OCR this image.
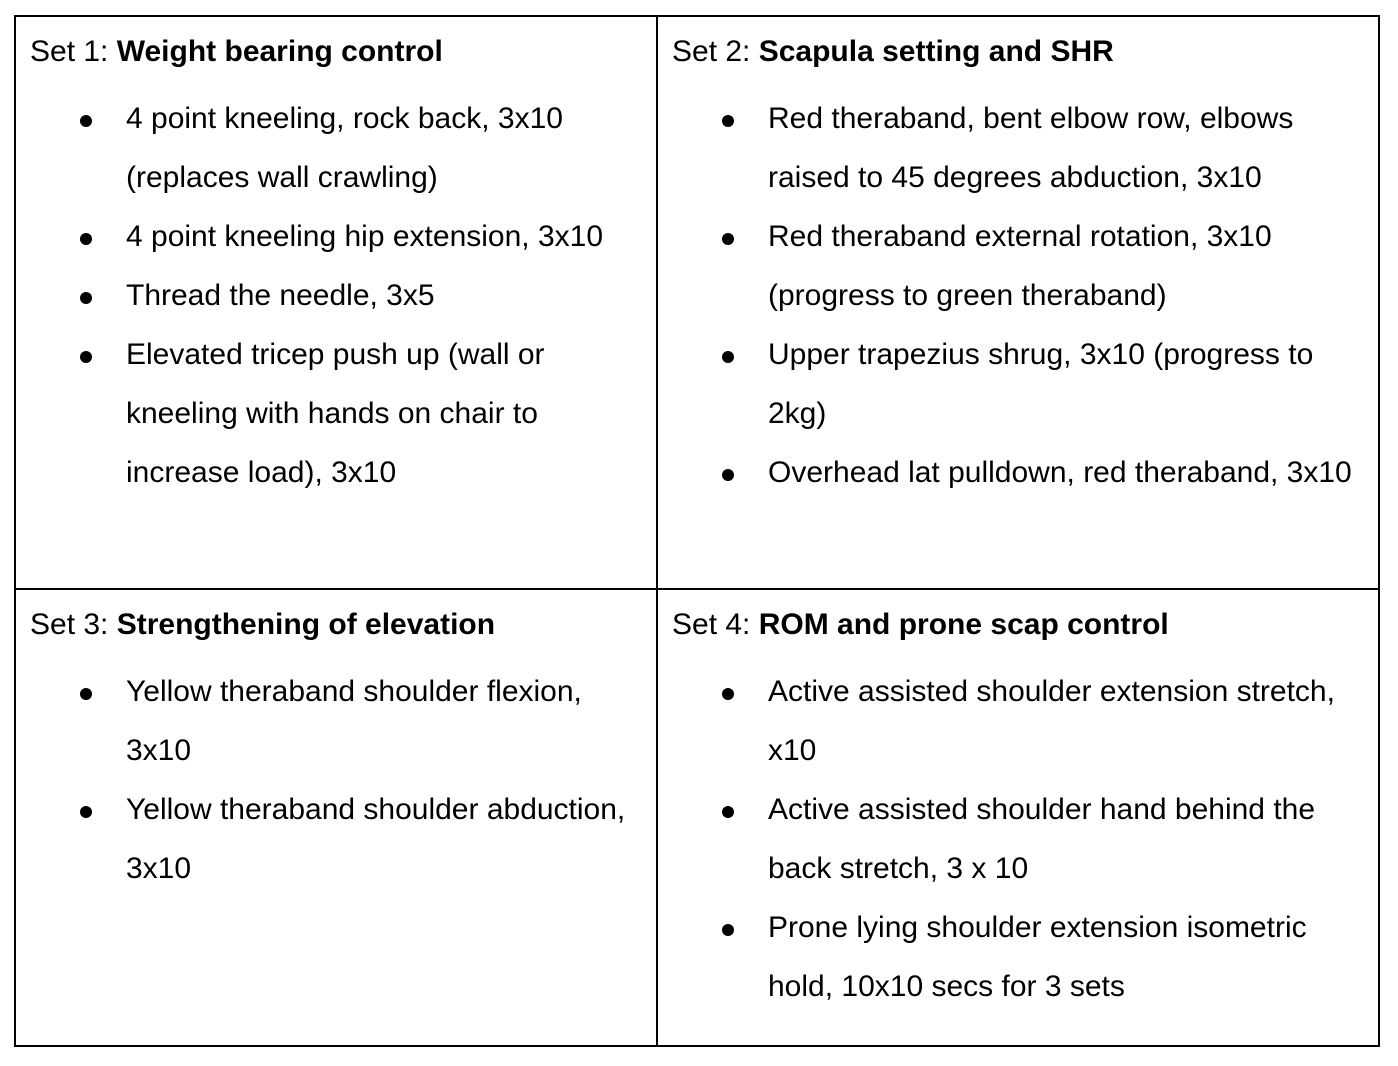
Set 1: Weight bearing control
4 point kneeling, rock back, 3x10
(replaces wall crawling)
4 point kneeling hip extension, 3x10
Thread the needle, 3x5
Elevated tricep push up (wall or
kneeling with hands on chair to
increase load), 3x10
Set 2: Scapula setting and SHR
Red theraband, bent elbow row, elbows
raised to 45 degrees abduction, 3x10
Red theraband external rotation, 3x10
(progress to green theraband)
Upper trapezius shrug, 3x10 (progress to
2kg)
Overhead lat pulldown, red theraband, 3x10
Set 3: Strengthening of elevation
Yellow theraband shoulder flexion,
3x10
Yellow theraband shoulder abduction,
3x10
Set 4: ROM and prone scap control
Active assisted shoulder extension stretch,
x10
Active assisted shoulder hand behind the
back stretch, 3 x 10
Prone lying shoulder extension isometric
hold, 10x10 secs for 3 sets
